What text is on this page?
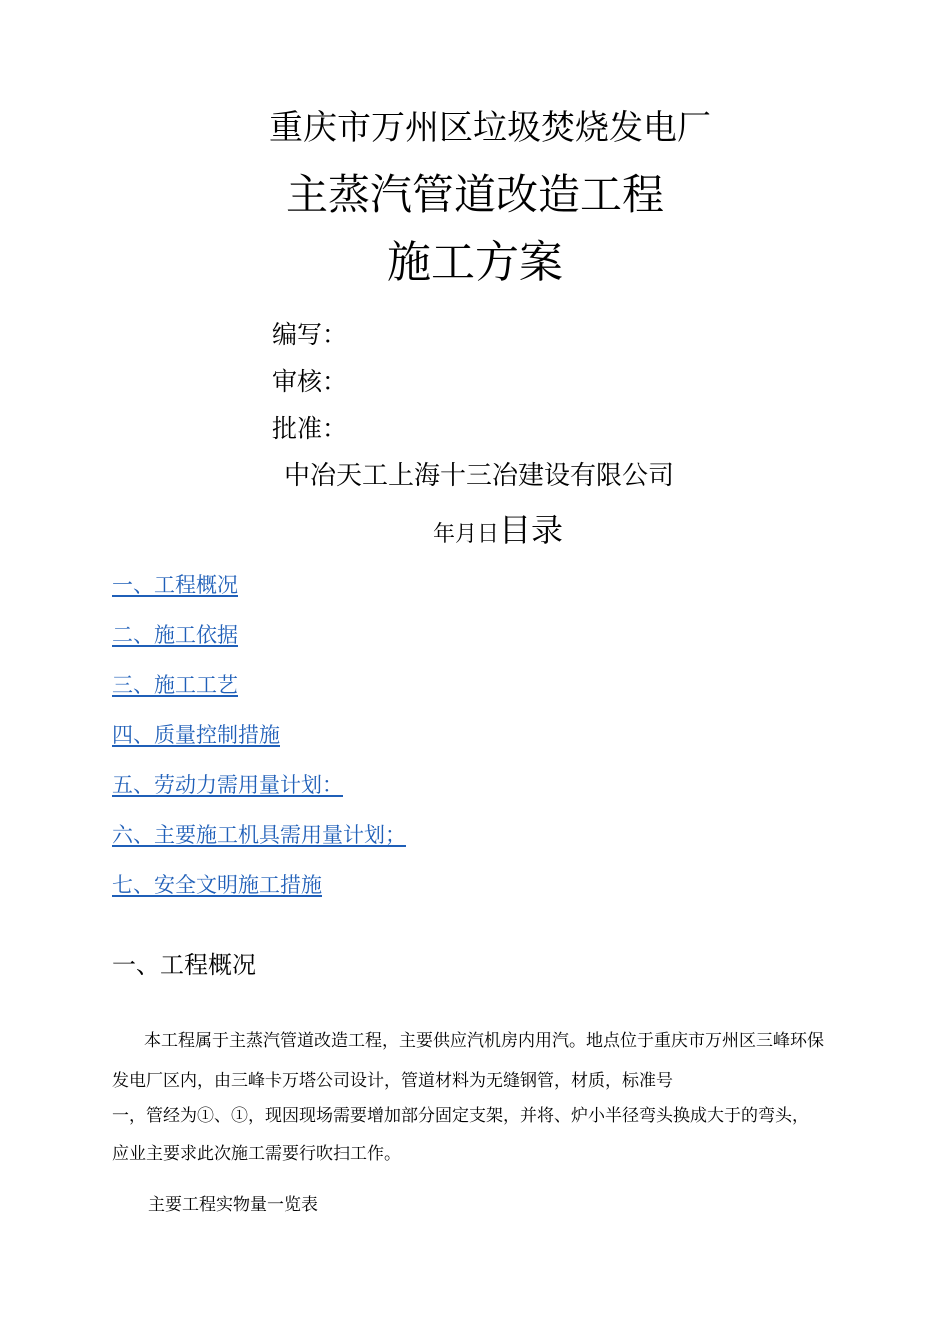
重庆市万州区垃圾焚烧发电厂
主蒸汽管道改造工程
施工方案
编写：
审核：
批准：
中冶天工上海十三冶建设有限公司
年月日目录
一、工程概况
二、施工依据
三、施工工艺
四、质量控制措施
五、劳动力需用量计划：
六、主要施工机具需用量计划；
七、安全文明施工措施
一、工程概况
本工程属于主蒸汽管道改造工程，主要供应汽机房内用汽。地点位于重庆市万州区三峰环保
发电厂区内，由三峰卡万塔公司设计，管道材料为无缝钢管，材质，标准号
一，管经为①、①，现因现场需要增加部分固定支架，并将、炉小半径弯头换成大于的弯头，
应业主要求此次施工需要行吹扫工作。
主要工程实物量一览表
